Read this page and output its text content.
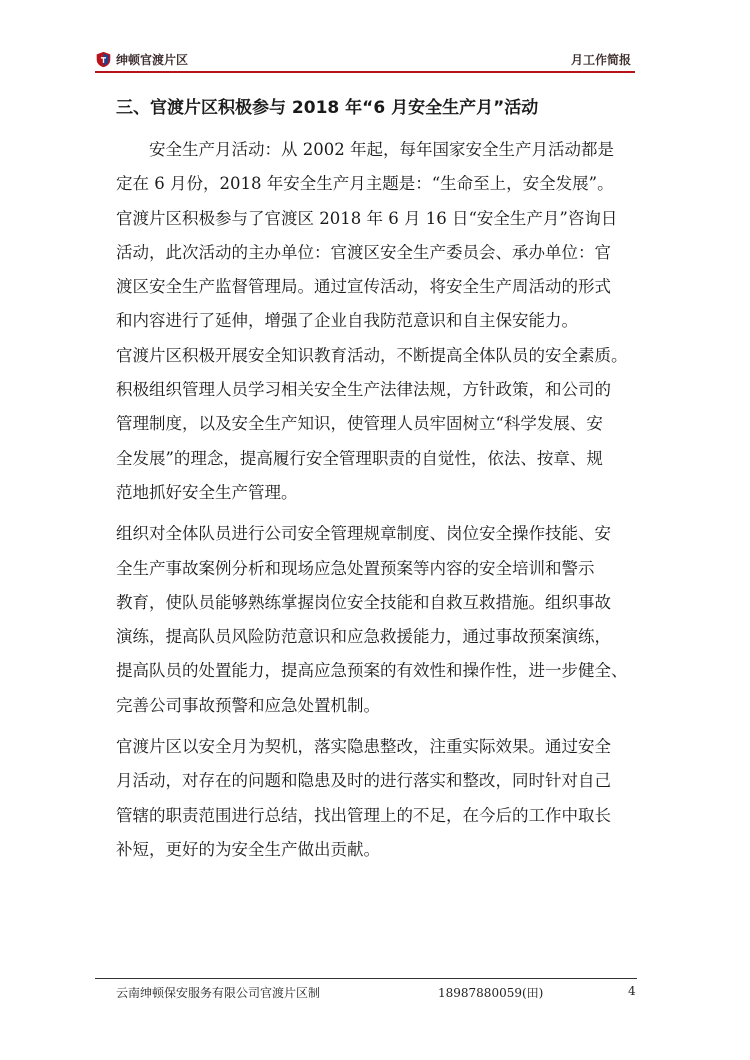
绅顿官渡片区	月工作简报
三、官渡片区积极参与 2018 年“6 月安全生产月”活动
　　安全生产月活动：从 2002 年起，每年国家安全生产月活动都是
定在 6 月份，2018 年安全生产月主题是：“生命至上，安全发展”。
官渡片区积极参与了官渡区 2018 年 6 月 16 日“安全生产月”咨询日
活动，此次活动的主办单位：官渡区安全生产委员会、承办单位：官
渡区安全生产监督管理局。通过宣传活动，将安全生产周活动的形式
和内容进行了延伸，增强了企业自我防范意识和自主保安能力。
官渡片区积极开展安全知识教育活动，不断提高全体队员的安全素质。
积极组织管理人员学习相关安全生产法律法规，方针政策，和公司的
管理制度，以及安全生产知识，使管理人员牢固树立“科学发展、安
全发展”的理念，提高履行安全管理职责的自觉性，依法、按章、规
范地抓好安全生产管理。
组织对全体队员进行公司安全管理规章制度、岗位安全操作技能、安
全生产事故案例分析和现场应急处置预案等内容的安全培训和警示
教育，使队员能够熟练掌握岗位安全技能和自救互救措施。组织事故
演练，提高队员风险防范意识和应急救援能力，通过事故预案演练，
提高队员的处置能力，提高应急预案的有效性和操作性，进一步健全、
完善公司事故预警和应急处置机制。
官渡片区以安全月为契机，落实隐患整改，注重实际效果。通过安全
月活动，对存在的问题和隐患及时的进行落实和整改，同时针对自己
管辖的职责范围进行总结，找出管理上的不足，在今后的工作中取长
补短，更好的为安全生产做出贡献。
云南绅顿保安服务有限公司官渡片区制	18987880059(田)	4
